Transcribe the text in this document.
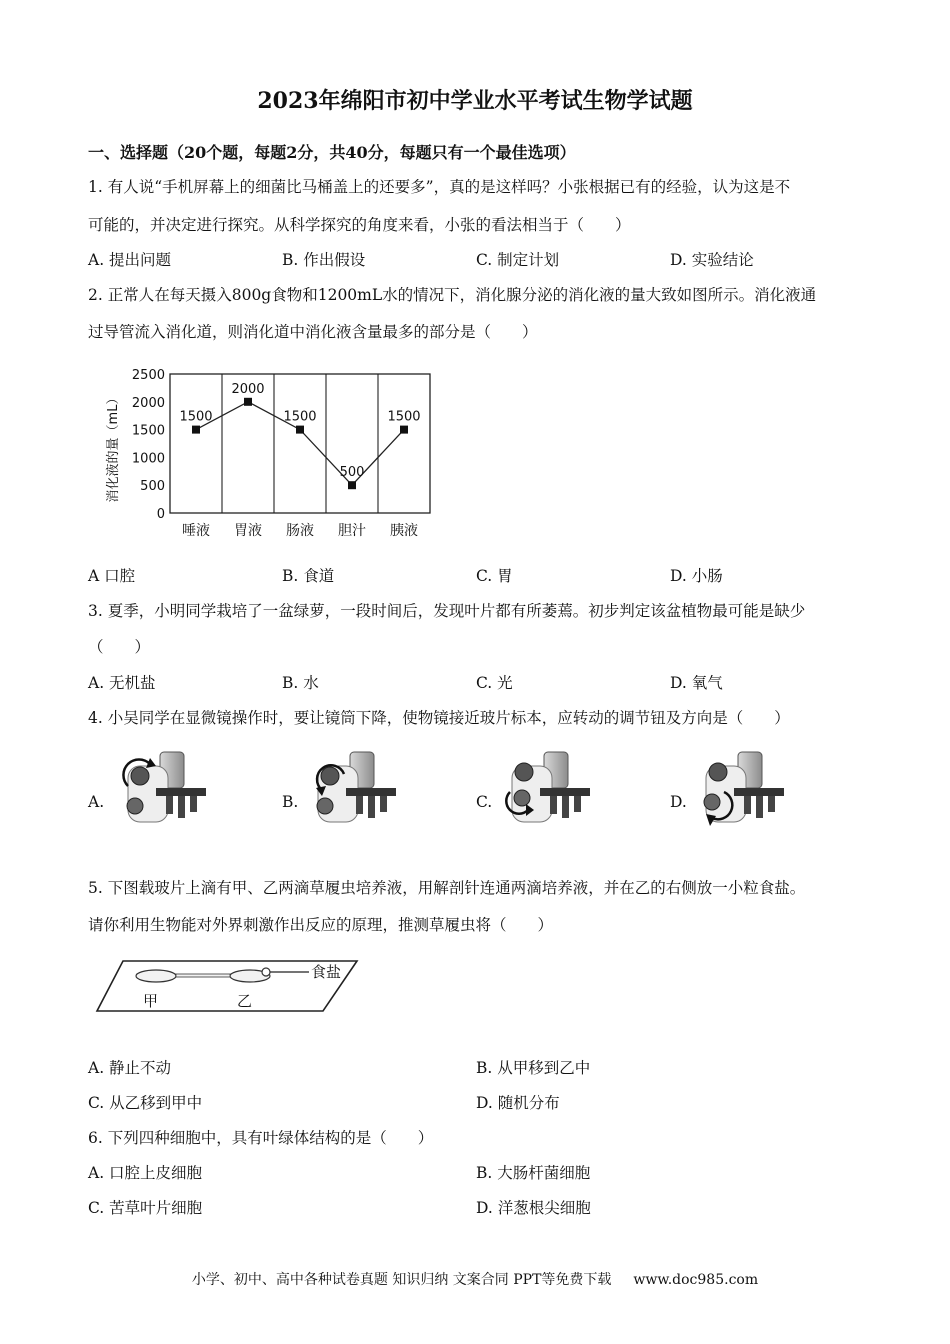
2023年绵阳市初中学业水平考试生物学试题
一、选择题（20个题，每题2分，共40分，每题只有一个最佳选项）
1. 有人说“手机屏幕上的细菌比马桶盖上的还要多”，真的是这样吗？小张根据已有的经验，认为这是不
可能的，并决定进行探究。从科学探究的角度来看，小张的看法相当于（　　）
A. 提出问题	B. 作出假设	C. 制定计划	D. 实验结论
2. 正常人在每天摄入800g食物和1200mL水的情况下，消化腺分泌的消化液的量大致如图所示。消化液通
过导管流入消化道，则消化道中消化液含量最多的部分是（　　）
消化液的量（mL）
0
500
1000
1500
2000
2500
唾液 胃液 肠液 胆汁 胰液
1500
2000
1500
500
1500
A 口腔	B. 食道	C. 胃	D. 小肠
3. 夏季，小明同学栽培了一盆绿萝，一段时间后，发现叶片都有所萎蔫。初步判定该盆植物最可能是缺少
（　　）
A. 无机盐	B. 水	C. 光	D. 氧气
4. 小吴同学在显微镜操作时，要让镜筒下降，使物镜接近玻片标本，应转动的调节钮及方向是（　　）
A.	B.	C.	D.
5. 下图载玻片上滴有甲、乙两滴草履虫培养液，用解剖针连通两滴培养液，并在乙的右侧放一小粒食盐。
请你利用生物能对外界刺激作出反应的原理，推测草履虫将（　　）
甲	乙
食盐
A. 静止不动	B. 从甲移到乙中
C. 从乙移到甲中	D. 随机分布
6. 下列四种细胞中，具有叶绿体结构的是（　　）
A. 口腔上皮细胞	B. 大肠杆菌细胞
C. 苦草叶片细胞	D. 洋葱根尖细胞
小学、初中、高中各种试卷真题 知识归纳 文案合同 PPT等免费下载 www.doc985.com
